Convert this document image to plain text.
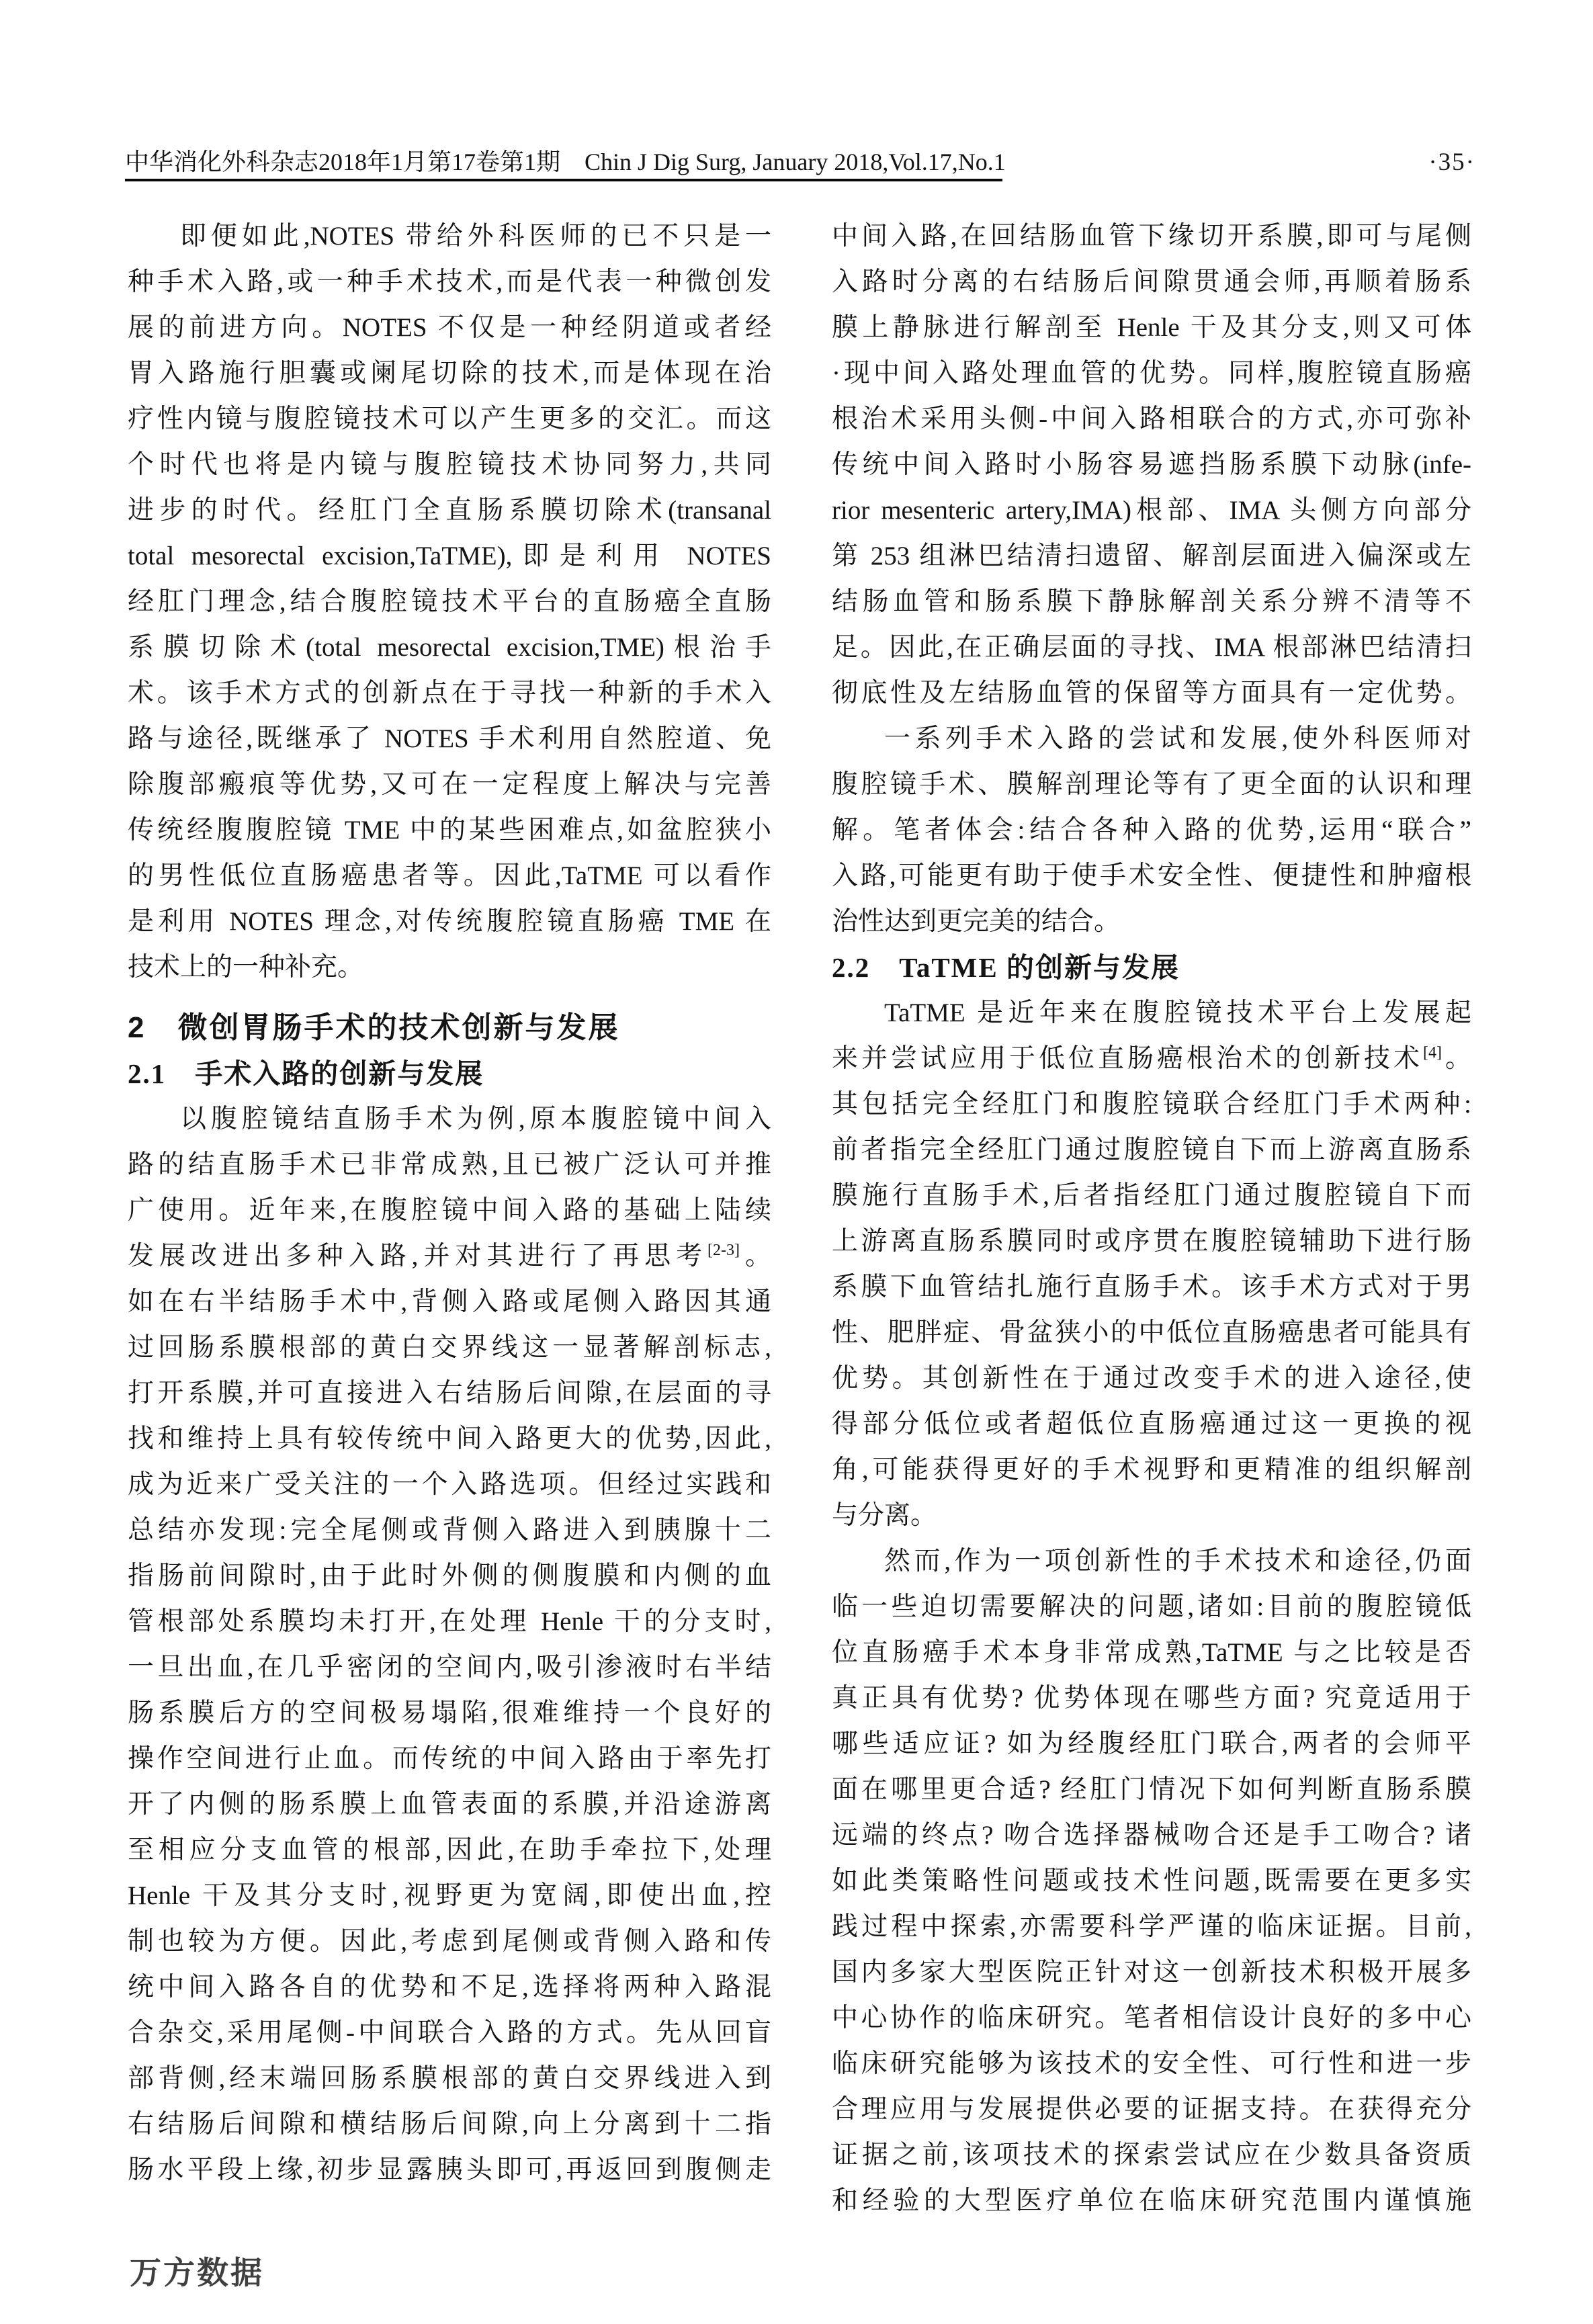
中华消化外科杂志2018年1月第17卷第1期　Chin J Dig Surg, January 2018,Vol.17,No.1	·35·
即便如此,NOTES 带给外科医师的已不只是一
种手术入路,或一种手术技术,而是代表一种微创发
展的前进方向。NOTES 不仅是一种经阴道或者经
胃入路施行胆囊或阑尾切除的技术,而是体现在治
疗性内镜与腹腔镜技术可以产生更多的交汇。而这
个时代也将是内镜与腹腔镜技术协同努力,共同
进步的时代。经肛门全直肠系膜切除术(transanal
total mesorectal excision,TaTME),即是利用 NOTES
经肛门理念,结合腹腔镜技术平台的直肠癌全直肠
系膜切除术(total mesorectal excision,TME)根治手
术。该手术方式的创新点在于寻找一种新的手术入
路与途径,既继承了 NOTES 手术利用自然腔道、免
除腹部瘢痕等优势,又可在一定程度上解决与完善
传统经腹腹腔镜 TME 中的某些困难点,如盆腔狭小
的男性低位直肠癌患者等。因此,TaTME 可以看作
是利用 NOTES 理念,对传统腹腔镜直肠癌 TME 在
技术上的一种补充。
2　微创胃肠手术的技术创新与发展
2.1　手术入路的创新与发展
以腹腔镜结直肠手术为例,原本腹腔镜中间入
路的结直肠手术已非常成熟,且已被广泛认可并推
广使用。近年来,在腹腔镜中间入路的基础上陆续
发展改进出多种入路,并对其进行了再思考[2-3]。
如在右半结肠手术中,背侧入路或尾侧入路因其通
过回肠系膜根部的黄白交界线这一显著解剖标志,
打开系膜,并可直接进入右结肠后间隙,在层面的寻
找和维持上具有较传统中间入路更大的优势,因此,
成为近来广受关注的一个入路选项。但经过实践和
总结亦发现:完全尾侧或背侧入路进入到胰腺十二
指肠前间隙时,由于此时外侧的侧腹膜和内侧的血
管根部处系膜均未打开,在处理 Henle 干的分支时,
一旦出血,在几乎密闭的空间内,吸引渗液时右半结
肠系膜后方的空间极易塌陷,很难维持一个良好的
操作空间进行止血。而传统的中间入路由于率先打
开了内侧的肠系膜上血管表面的系膜,并沿途游离
至相应分支血管的根部,因此,在助手牵拉下,处理
Henle 干及其分支时,视野更为宽阔,即使出血,控
制也较为方便。因此,考虑到尾侧或背侧入路和传
统中间入路各自的优势和不足,选择将两种入路混
合杂交,采用尾侧-中间联合入路的方式。先从回盲
部背侧,经末端回肠系膜根部的黄白交界线进入到
右结肠后间隙和横结肠后间隙,向上分离到十二指
肠水平段上缘,初步显露胰头即可,再返回到腹侧走
中间入路,在回结肠血管下缘切开系膜,即可与尾侧
入路时分离的右结肠后间隙贯通会师,再顺着肠系
膜上静脉进行解剖至 Henle 干及其分支,则又可体
·现中间入路处理血管的优势。同样,腹腔镜直肠癌
根治术采用头侧-中间入路相联合的方式,亦可弥补
传统中间入路时小肠容易遮挡肠系膜下动脉(infe-
rior mesenteric artery,IMA)根部、IMA 头侧方向部分
第 253 组淋巴结清扫遗留、解剖层面进入偏深或左
结肠血管和肠系膜下静脉解剖关系分辨不清等不
足。因此,在正确层面的寻找、IMA 根部淋巴结清扫
彻底性及左结肠血管的保留等方面具有一定优势。
一系列手术入路的尝试和发展,使外科医师对
腹腔镜手术、膜解剖理论等有了更全面的认识和理
解。笔者体会:结合各种入路的优势,运用“联合”
入路,可能更有助于使手术安全性、便捷性和肿瘤根
治性达到更完美的结合。
2.2　TaTME 的创新与发展
TaTME 是近年来在腹腔镜技术平台上发展起
来并尝试应用于低位直肠癌根治术的创新技术[4]。
其包括完全经肛门和腹腔镜联合经肛门手术两种:
前者指完全经肛门通过腹腔镜自下而上游离直肠系
膜施行直肠手术,后者指经肛门通过腹腔镜自下而
上游离直肠系膜同时或序贯在腹腔镜辅助下进行肠
系膜下血管结扎施行直肠手术。该手术方式对于男
性、肥胖症、骨盆狭小的中低位直肠癌患者可能具有
优势。其创新性在于通过改变手术的进入途径,使
得部分低位或者超低位直肠癌通过这一更换的视
角,可能获得更好的手术视野和更精准的组织解剖
与分离。
然而,作为一项创新性的手术技术和途径,仍面
临一些迫切需要解决的问题,诸如:目前的腹腔镜低
位直肠癌手术本身非常成熟,TaTME 与之比较是否
真正具有优势? 优势体现在哪些方面? 究竟适用于
哪些适应证? 如为经腹经肛门联合,两者的会师平
面在哪里更合适? 经肛门情况下如何判断直肠系膜
远端的终点? 吻合选择器械吻合还是手工吻合? 诸
如此类策略性问题或技术性问题,既需要在更多实
践过程中探索,亦需要科学严谨的临床证据。目前,
国内多家大型医院正针对这一创新技术积极开展多
中心协作的临床研究。笔者相信设计良好的多中心
临床研究能够为该技术的安全性、可行性和进一步
合理应用与发展提供必要的证据支持。在获得充分
证据之前,该项技术的探索尝试应在少数具备资质
和经验的大型医疗单位在临床研究范围内谨慎施
万方数据
